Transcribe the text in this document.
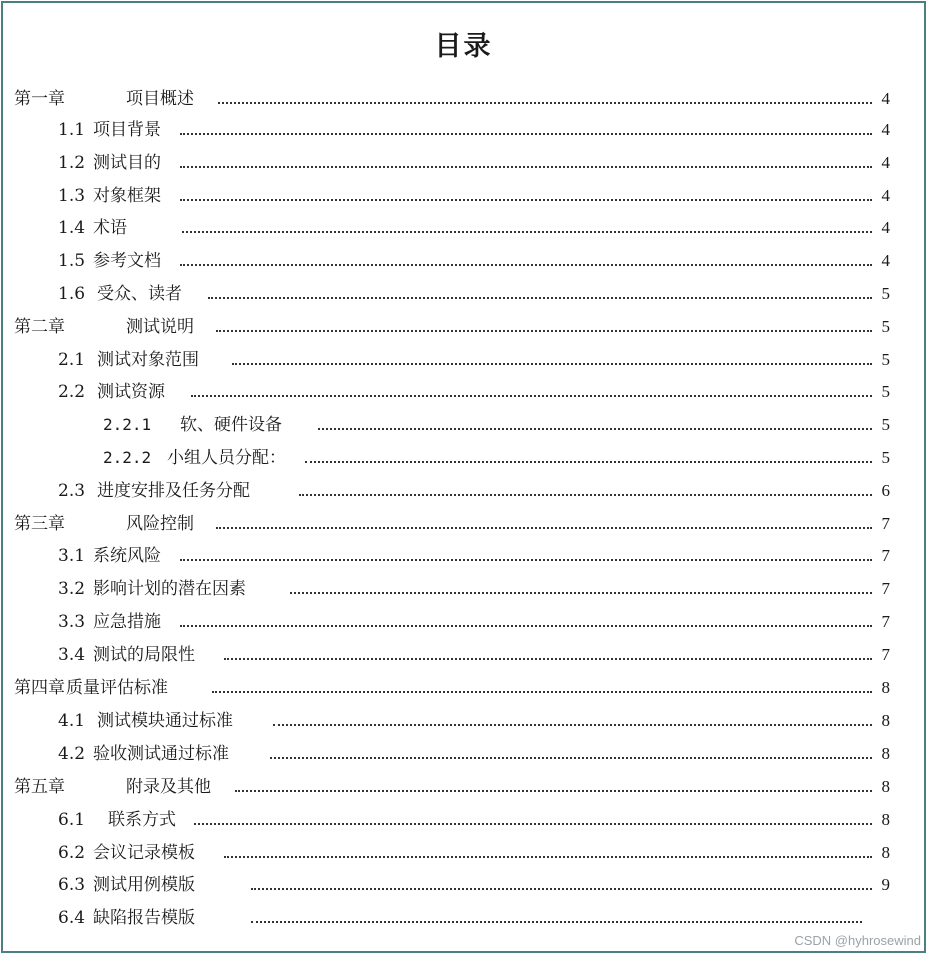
目录
第一章	项目概述	4
1.1 项目背景	4
1.2 测试目的	4
1.3 对象框架	4
1.4 术语	4
1.5 参考文档	4
1.6 受众、读者	5
第二章	测试说明	5
2.1 测试对象范围	5
2.2 测试资源	5
2.2.1 软、硬件设备	5
2.2.2 小组人员分配：	5
2.3 进度安排及任务分配	6
第三章	风险控制	7
3.1 系统风险	7
3.2 影响计划的潜在因素	7
3.3 应急措施	7
3.4 测试的局限性	7
第四章 质量评估标准	8
4.1 测试模块通过标准	8
4.2 验收测试通过标准	8
第五章	附录及其他	8
6.1 联系方式	8
6.2 会议记录模板	8
6.3 测试用例模版	9
6.4 缺陷报告模版
CSDN @hyhrosewind
